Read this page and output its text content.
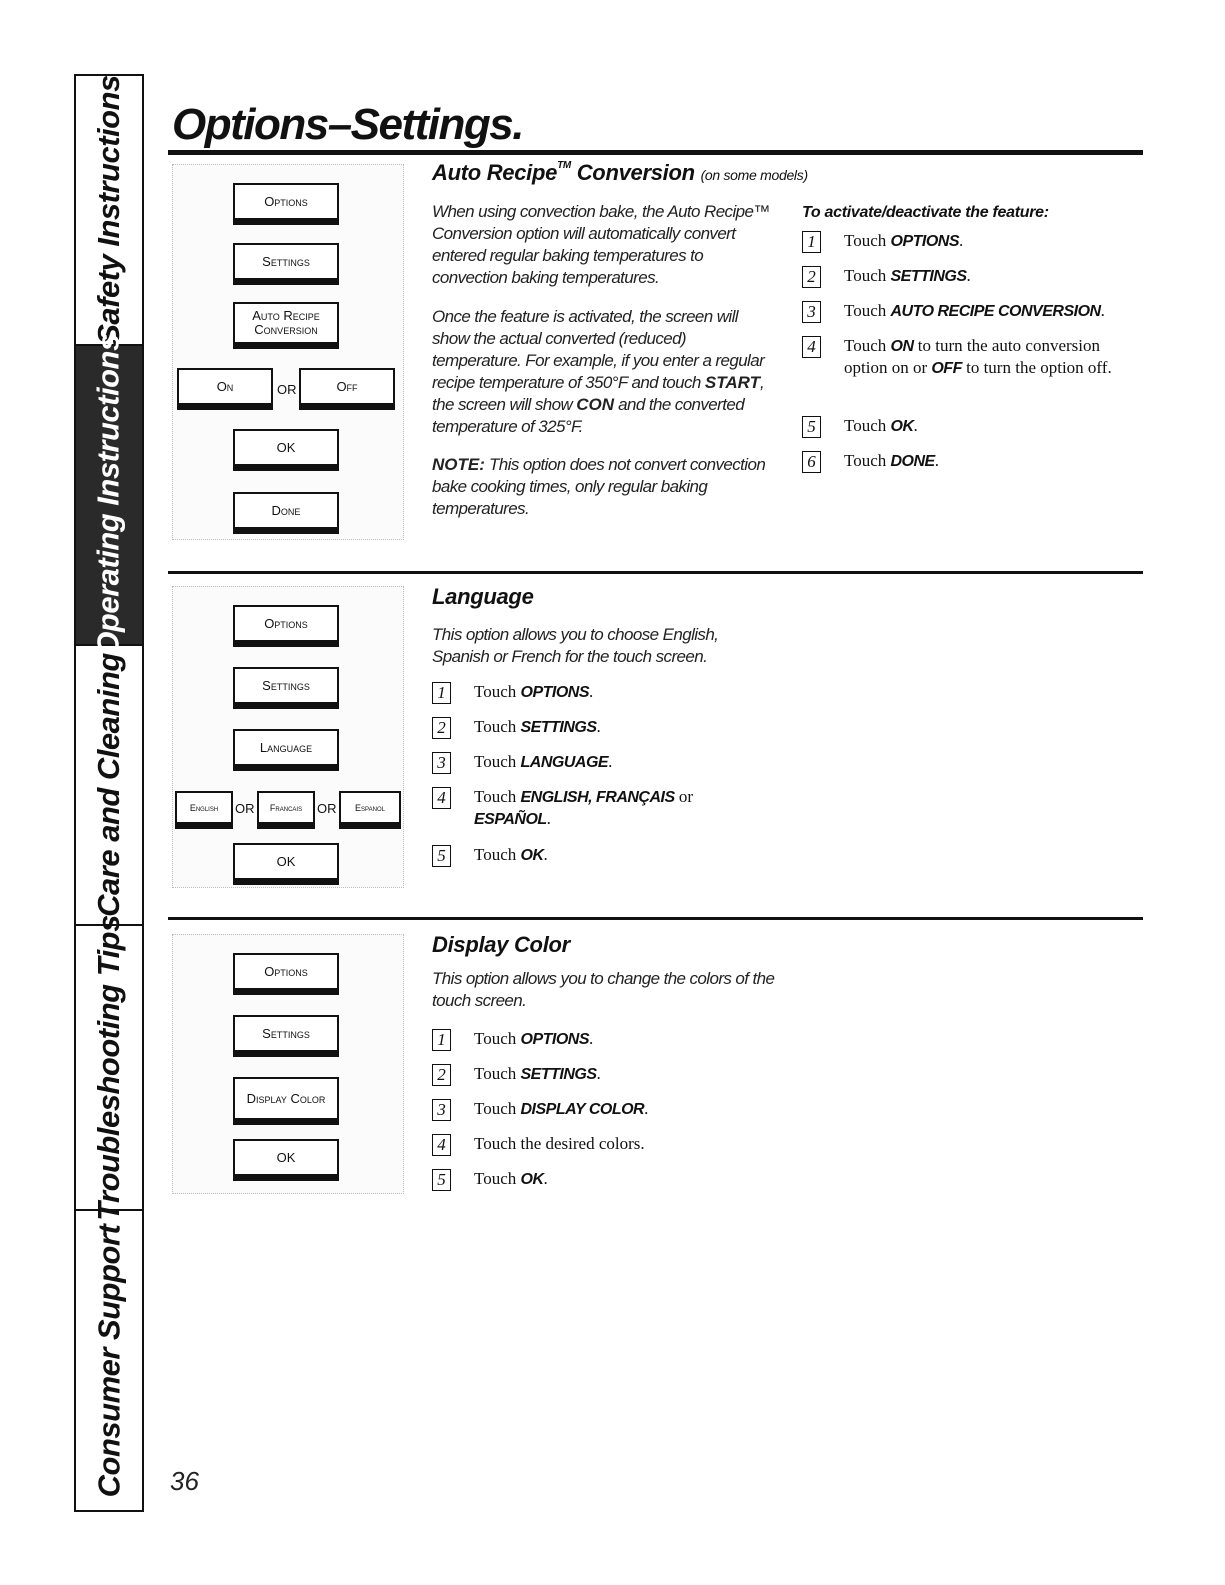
Safety Instructions
Operating Instructions
Care and Cleaning
Troubleshooting Tips
Consumer Support
Options–Settings.
Options
Settings
Auto Recipe Conversion
On	OR	Off
OK
Done
Auto Recipe™ Conversion (on some models)

When using convection bake, the Auto Recipe™ Conversion option will automatically convert entered regular baking temperatures to convection baking temperatures.

Once the feature is activated, the screen will show the actual converted (reduced) temperature. For example, if you enter a regular recipe temperature of 350°F and touch START, the screen will show CON and the converted temperature of 325°F.

NOTE: This option does not convert convection bake cooking times, only regular baking temperatures.

To activate/deactivate the feature:

1	Touch OPTIONS.
2	Touch SETTINGS.
3	Touch AUTO RECIPE CONVERSION.
4	Touch ON to turn the auto conversion option on or OFF to turn the option off.
5	Touch OK.
6	Touch DONE.
Options
Settings
Language
English	OR	Francais	OR	Espanol
OK
Language

This option allows you to choose English, Spanish or French for the touch screen.

1	Touch OPTIONS.
2	Touch SETTINGS.
3	Touch LANGUAGE.
4	Touch ENGLISH, FRANÇAIS or
ESPAÑOL.
5	Touch OK.
Options
Settings
Display Color
OK
Display Color

This option allows you to change the colors of the touch screen.

1	Touch OPTIONS.
2	Touch SETTINGS.
3	Touch DISPLAY COLOR.
4	Touch the desired colors.
5	Touch OK.
36
